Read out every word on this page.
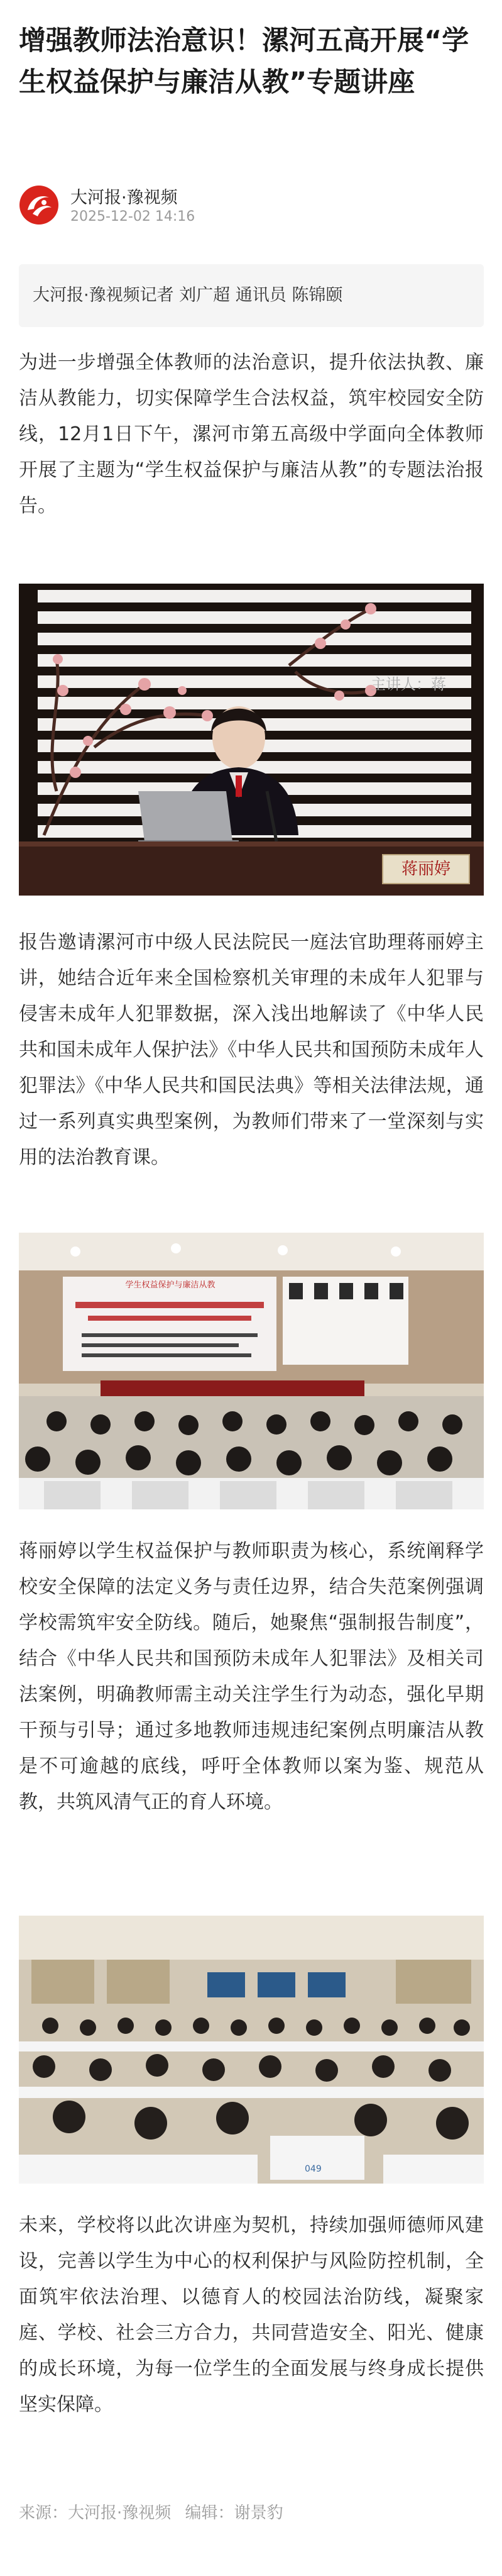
增强教师法治意识！漯河五高开展“学生权益保护与廉洁从教”专题讲座
大河报·豫视频
2025-12-02 14:16
大河报·豫视频记者 刘广超 通讯员 陈锦颐

为进一步增强全体教师的法治意识，提升依法执教、廉洁从教能力，切实保障学生合法权益，筑牢校园安全防线，12月1日下午，漯河市第五高级中学面向全体教师开展了主题为“学生权益保护与廉洁从教”的专题法治报告。

主讲人：蒋
蒋丽婷

报告邀请漯河市中级人民法院民一庭法官助理蒋丽婷主讲，她结合近年来全国检察机关审理的未成年人犯罪与侵害未成年人犯罪数据，深入浅出地解读了《中华人民共和国未成年人保护法》《中华人民共和国预防未成年人犯罪法》《中华人民共和国民法典》等相关法律法规，通过一系列真实典型案例，为教师们带来了一堂深刻与实用的法治教育课。

学生权益保护与廉洁从教

蒋丽婷以学生权益保护与教师职责为核心，系统阐释学校安全保障的法定义务与责任边界，结合失范案例强调学校需筑牢安全防线。随后，她聚焦“强制报告制度”，结合《中华人民共和国预防未成年人犯罪法》及相关司法案例，明确教师需主动关注学生行为动态，强化早期干预与引导；通过多地教师违规违纪案例点明廉洁从教是不可逾越的底线，呼吁全体教师以案为鉴、规范从教，共筑风清气正的育人环境。

049

未来，学校将以此次讲座为契机，持续加强师德师风建设，完善以学生为中心的权利保护与风险防控机制，全面筑牢依法治理、以德育人的校园法治防线，凝聚家庭、学校、社会三方合力，共同营造安全、阳光、健康的成长环境，为每一位学生的全面发展与终身成长提供坚实保障。

来源：大河报·豫视频 编辑：谢景豹
